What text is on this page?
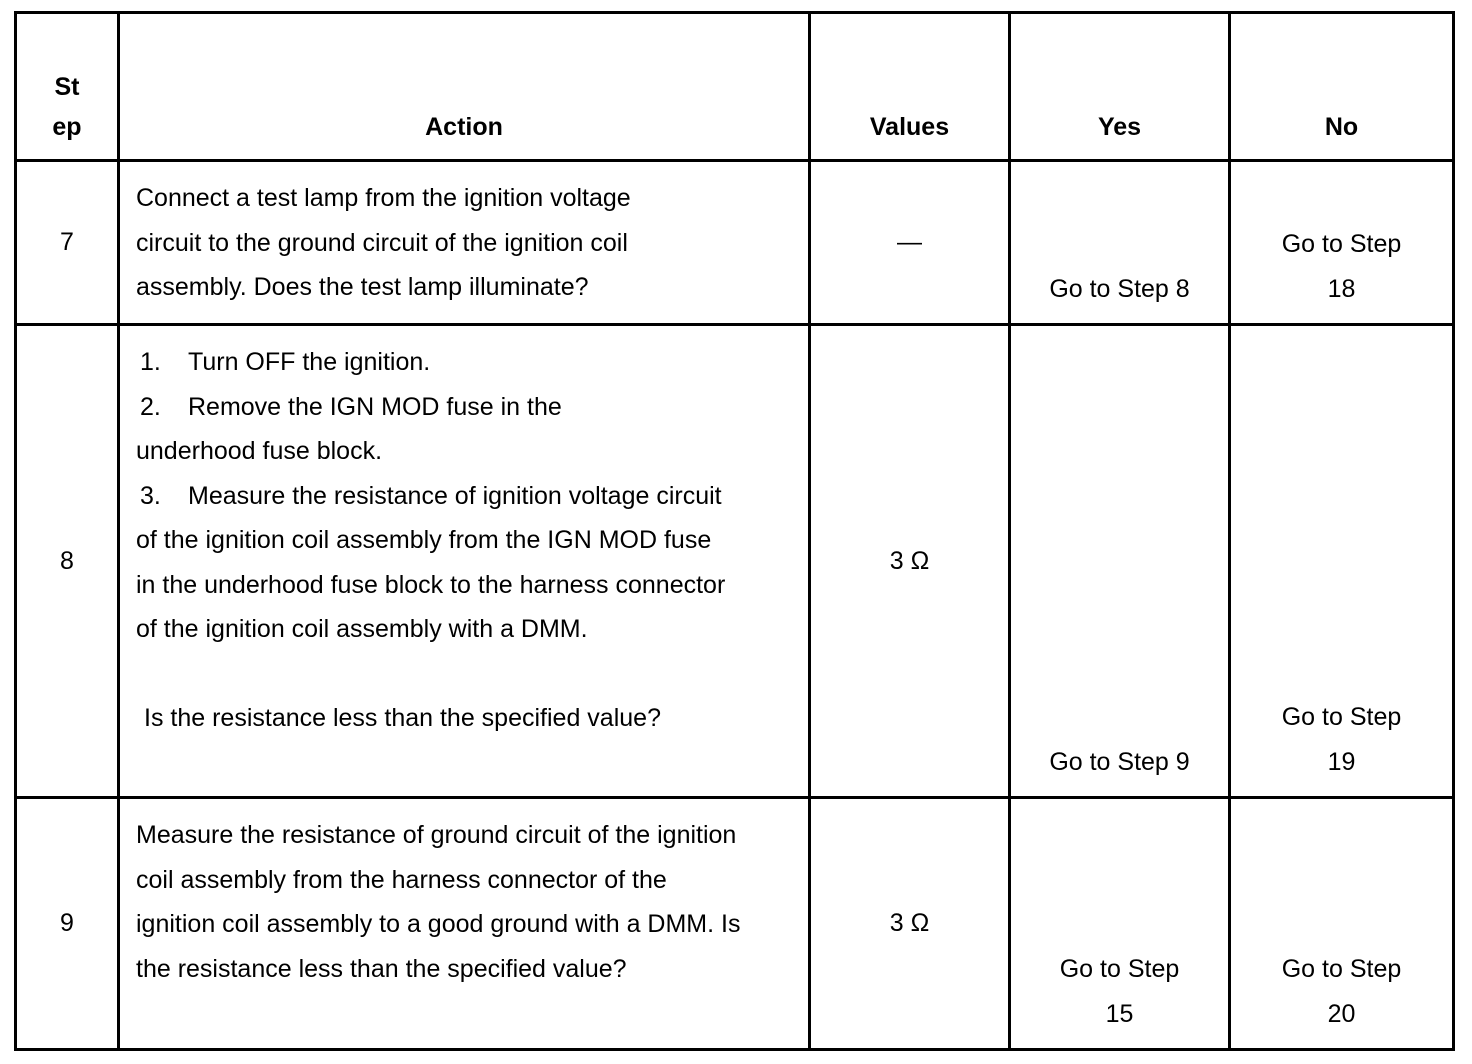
St ep	Action	Values	Yes	No
7	Connect a test lamp from the ignition voltage circuit to the ground circuit of the ignition coil assembly. Does the test lamp illuminate?	—	Go to Step 8	Go to Step 18

8	1. Turn OFF the ignition.

2. Remove the IGN MOD fuse in the underhood fuse block.

3. Measure the resistance of ignition voltage circuit of the ignition coil assembly from the IGN MOD fuse in the underhood fuse block to the harness connector of the ignition coil assembly with a DMM.

Is the resistance less than the specified value?	3 Ω	Go to Step 9	Go to Step 19

9	Measure the resistance of ground circuit of the ignition coil assembly from the harness connector of the ignition coil assembly to a good ground with a DMM. Is the resistance less than the specified value?	3 Ω	Go to Step 15	Go to Step 20
